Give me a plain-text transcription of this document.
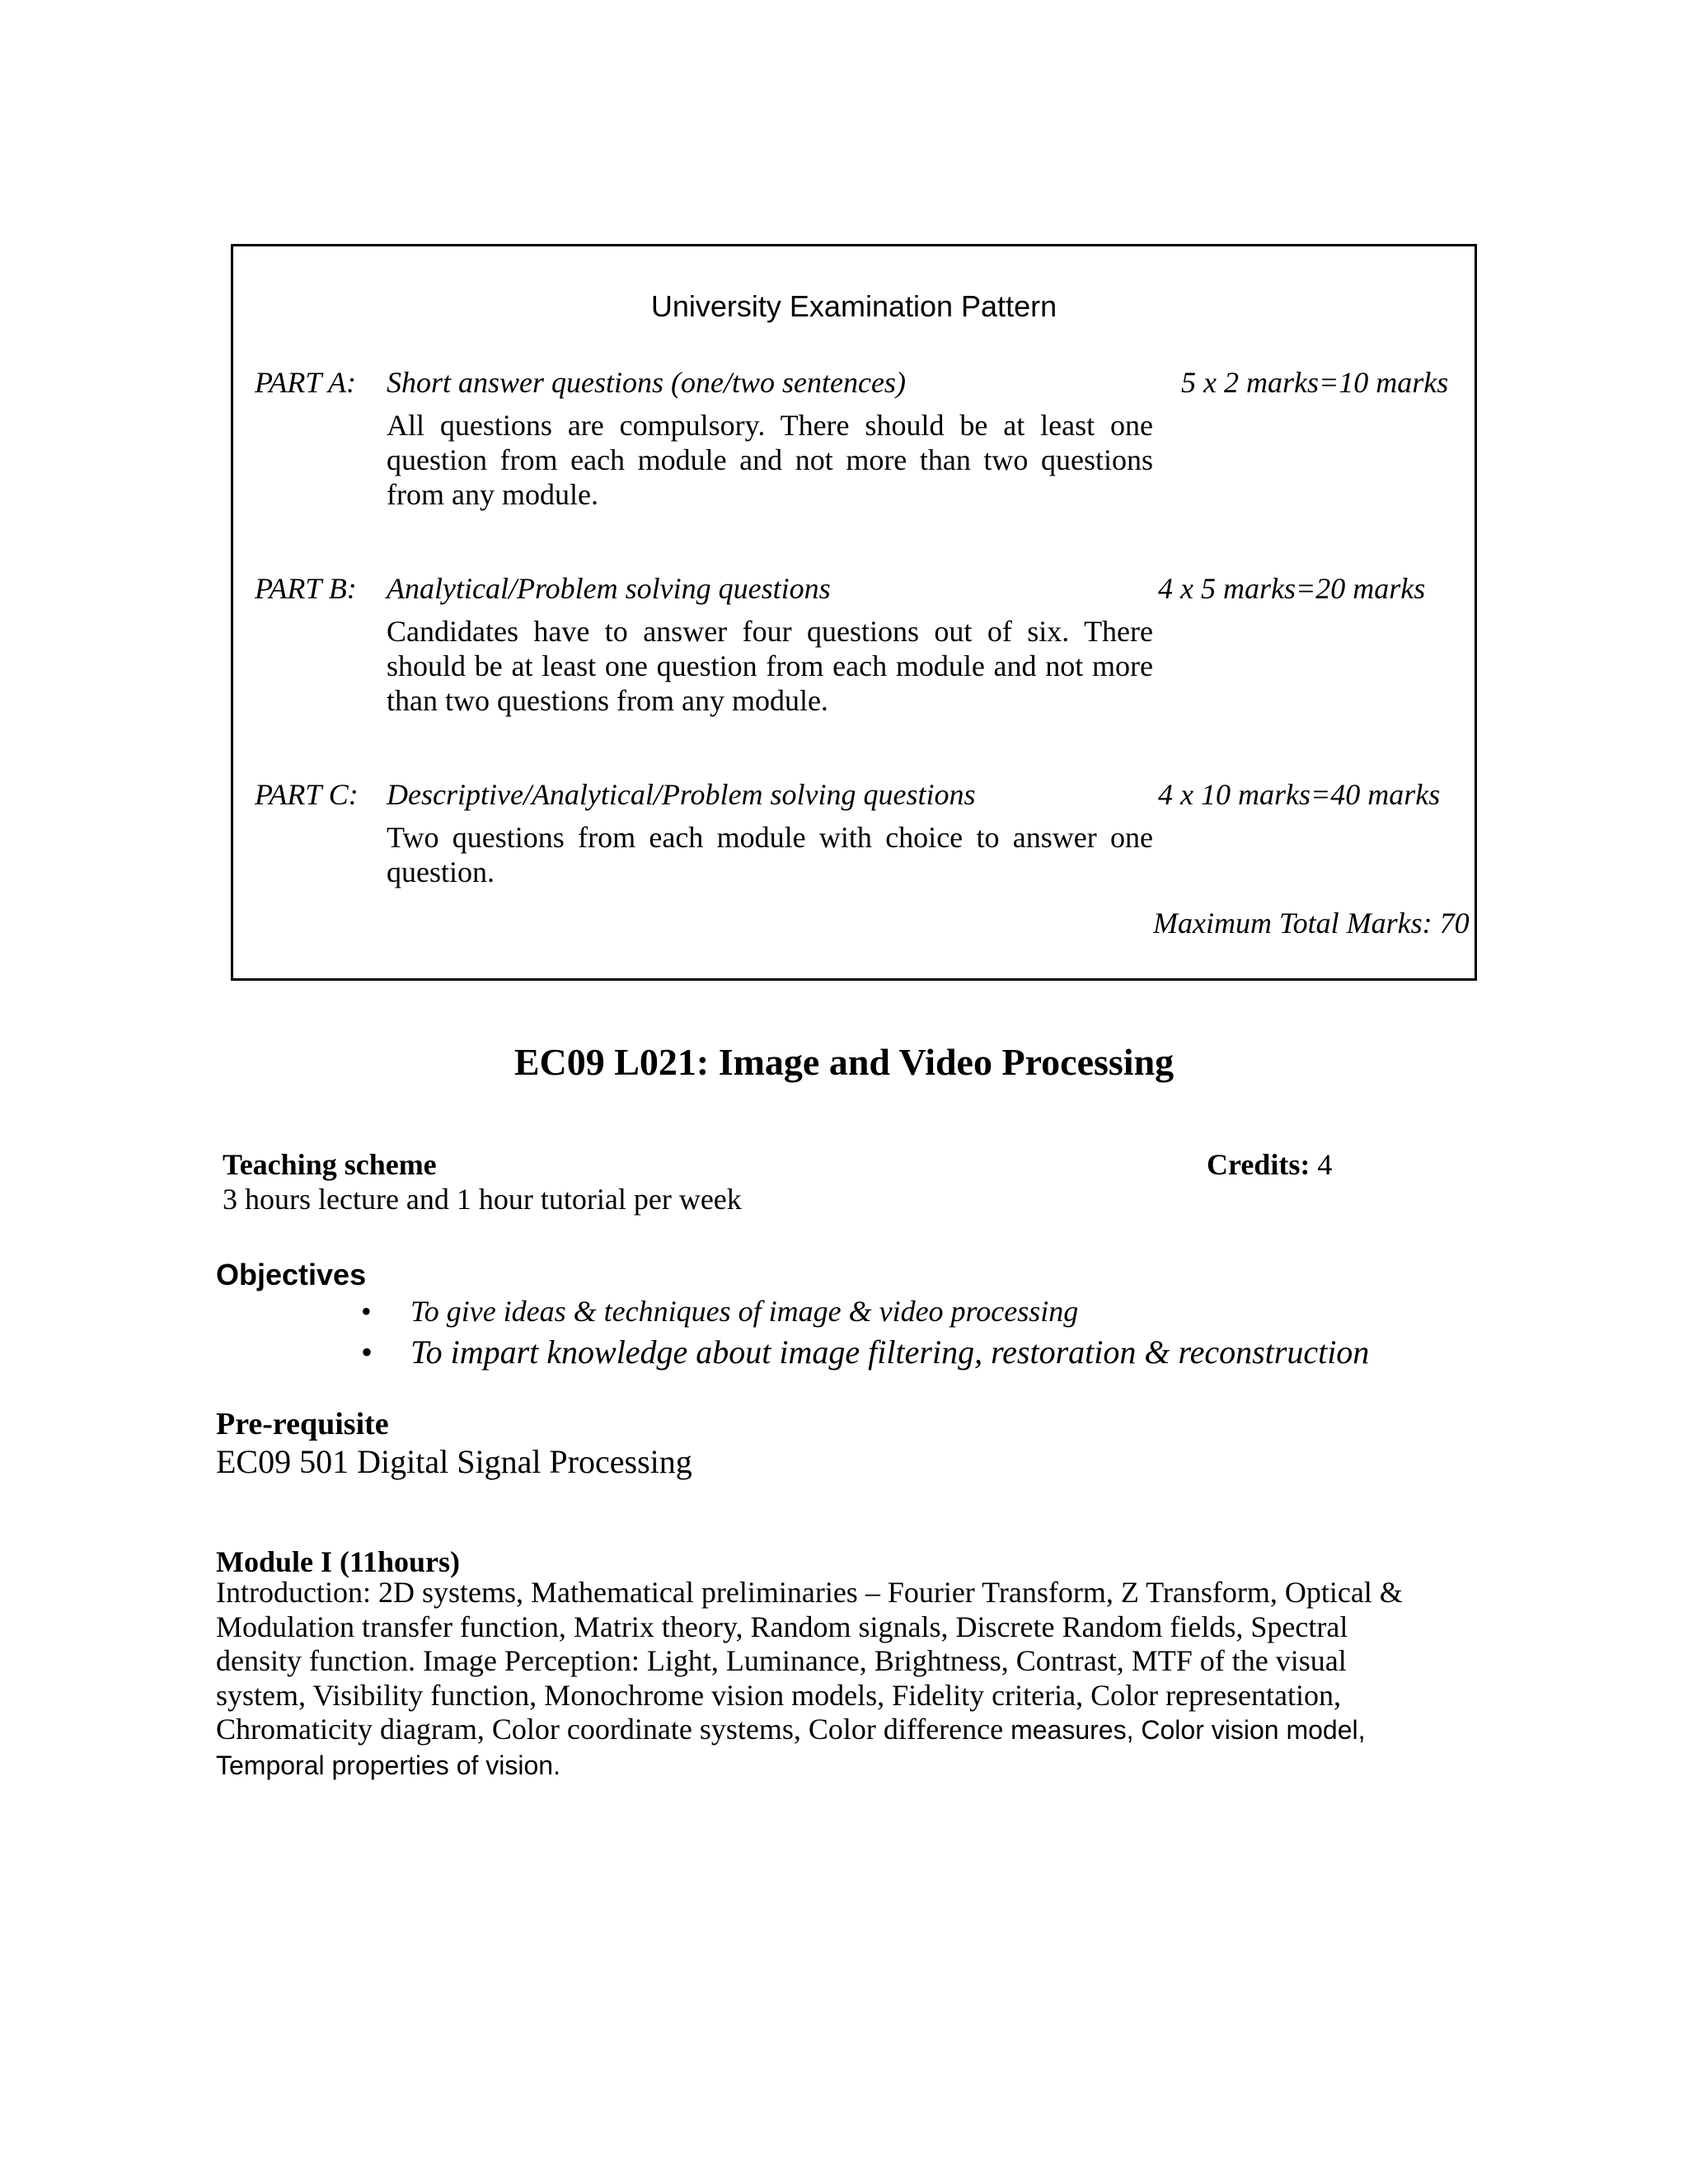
University Examination Pattern
PART A: Short answer questions (one/two sentences)	5 x 2 marks=10 marks
All questions are compulsory. There should be at least one question from each module and not more than two questions from any module.
PART B: Analytical/Problem solving questions	4 x 5 marks=20 marks
Candidates have to answer four questions out of six. There should be at least one question from each module and not more than two questions from any module.
PART C: Descriptive/Analytical/Problem solving questions	4 x 10 marks=40 marks
Two questions from each module with choice to answer one question.
Maximum Total Marks: 70
EC09 L021: Image and Video Processing
Teaching scheme
3 hours lecture and 1 hour tutorial per week
Credits: 4
Objectives
• To give ideas & techniques of image & video processing
• To impart knowledge about image filtering, restoration & reconstruction
Pre-requisite
EC09 501 Digital Signal Processing
Module I (11hours)
Introduction: 2D systems, Mathematical preliminaries – Fourier Transform, Z Transform, Optical & Modulation transfer function, Matrix theory, Random signals, Discrete Random fields, Spectral density function. Image Perception: Light, Luminance, Brightness, Contrast, MTF of the visual system, Visibility function, Monochrome vision models, Fidelity criteria, Color representation, Chromaticity diagram, Color coordinate systems, Color difference measures, Color vision model, Temporal properties of vision.
